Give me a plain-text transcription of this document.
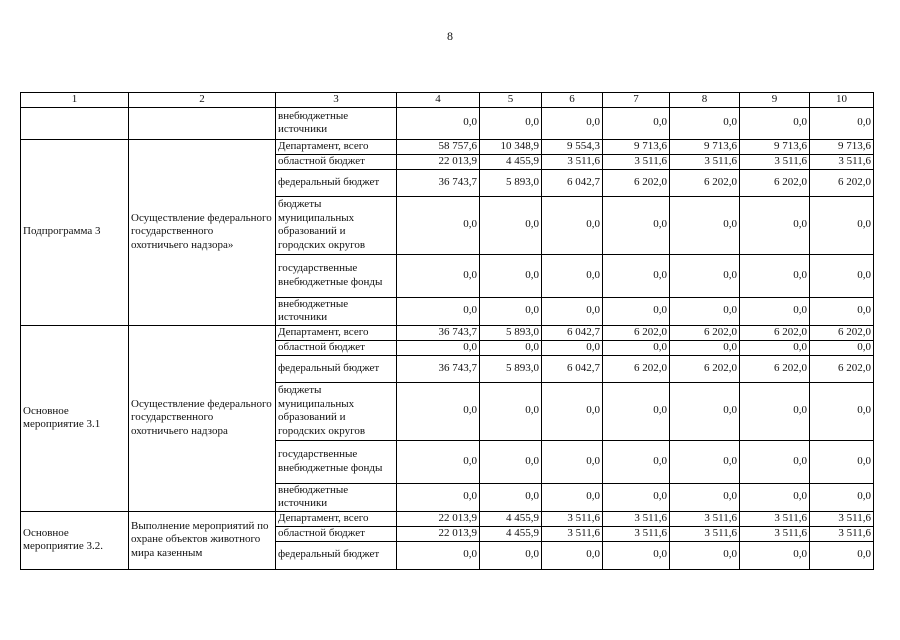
8
1	2	3	4	5	6	7	8	9	10
		внебюджетные источники	0,0	0,0	0,0	0,0	0,0	0,0	0,0
Подпрограмма 3	Осуществление федерального государственного охотничьего надзора»	Департамент, всего	58 757,6	10 348,9	9 554,3	9 713,6	9 713,6	9 713,6	9 713,6
		областной бюджет	22 013,9	4 455,9	3 511,6	3 511,6	3 511,6	3 511,6	3 511,6
		федеральный бюджет	36 743,7	5 893,0	6 042,7	6 202,0	6 202,0	6 202,0	6 202,0
		бюджеты муниципальных образований и городских округов	0,0	0,0	0,0	0,0	0,0	0,0	0,0
		государственные внебюджетные фонды	0,0	0,0	0,0	0,0	0,0	0,0	0,0
		внебюджетные источники	0,0	0,0	0,0	0,0	0,0	0,0	0,0
Основное мероприятие 3.1	Осуществление федерального государственного охотничьего надзора	Департамент, всего	36 743,7	5 893,0	6 042,7	6 202,0	6 202,0	6 202,0	6 202,0
		областной бюджет	0,0	0,0	0,0	0,0	0,0	0,0	0,0
		федеральный бюджет	36 743,7	5 893,0	6 042,7	6 202,0	6 202,0	6 202,0	6 202,0
		бюджеты муниципальных образований и городских округов	0,0	0,0	0,0	0,0	0,0	0,0	0,0
		государственные внебюджетные фонды	0,0	0,0	0,0	0,0	0,0	0,0	0,0
		внебюджетные источники	0,0	0,0	0,0	0,0	0,0	0,0	0,0
Основное мероприятие 3.2.	Выполнение мероприятий по охране объектов животного мира казенным	Департамент, всего	22 013,9	4 455,9	3 511,6	3 511,6	3 511,6	3 511,6	3 511,6
		областной бюджет	22 013,9	4 455,9	3 511,6	3 511,6	3 511,6	3 511,6	3 511,6
		федеральный бюджет	0,0	0,0	0,0	0,0	0,0	0,0	0,0
